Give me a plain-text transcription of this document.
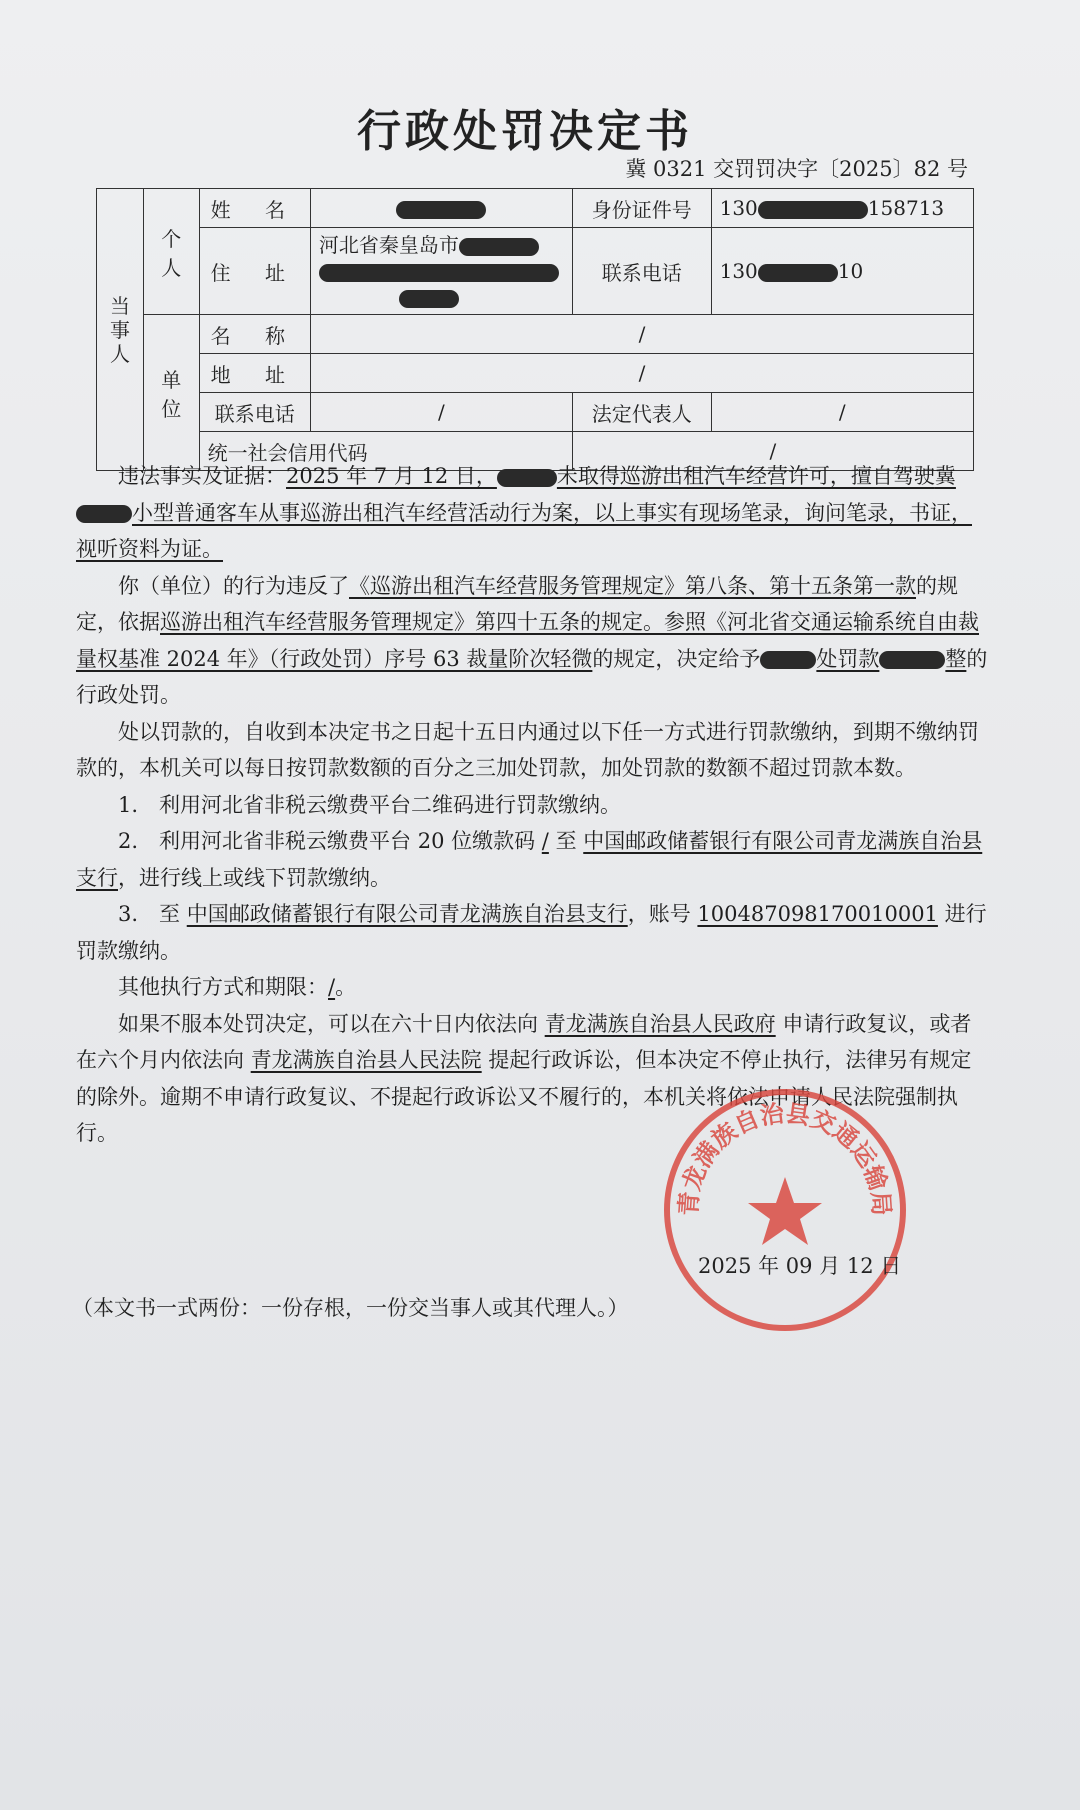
行政处罚决定书
冀 0321 交罚罚决字〔2025〕82 号
当事人	个人	姓 名		身份证件号	130 158713
		住 址	河北省秦皇岛市	联系电话	130 10
	单位	名 称	/		
		地 址	/		
		联系电话	/	法定代表人	/
		统一社会信用代码		/	

违法事实及证据：2025 年 7 月 12 日，	未取得巡游出租汽车经营许可，擅自驾驶冀小型普通客车从事巡游出租汽车经营活动行为案，以上事实有现场笔录，询问笔录，书证，视听资料为证。

你（单位）的行为违反了《巡游出租汽车经营服务管理规定》第八条、第十五条第一款的规定，依据巡游出租汽车经营服务管理规定》第四十五条的规定。参照《河北省交通运输系统自由裁量权基准 2024 年》（行政处罚）序号 63 裁量阶次轻微的规定，决定给予	处罚款	整的行政处罚。

处以罚款的，自收到本决定书之日起十五日内通过以下任一方式进行罚款缴纳，到期不缴纳罚款的，本机关可以每日按罚款数额的百分之三加处罚款，加处罚款的数额不超过罚款本数。

1.　利用河北省非税云缴费平台二维码进行罚款缴纳。

2.　利用河北省非税云缴费平台 20 位缴款码 / 至 中国邮政储蓄银行有限公司青龙满族自治县支行，进行线上或线下罚款缴纳。

3.　至 中国邮政储蓄银行有限公司青龙满族自治县支行，账号 100487098170010001 进行罚款缴纳。

其他执行方式和期限：/。

如果不服本处罚决定，可以在六十日内依法向 青龙满族自治县人民政府 申请行政复议，或者在六个月内依法向 青龙满族自治县人民法院 提起行政诉讼，但本决定不停止执行，法律另有规定的除外。逾期不申请行政复议、不提起行政诉讼又不履行的，本机关将依法申请人民法院强制执行。

青龙满族自治县交通运输局
2025 年 09 月 12 日
（本文书一式两份：一份存根，一份交当事人或其代理人。）
